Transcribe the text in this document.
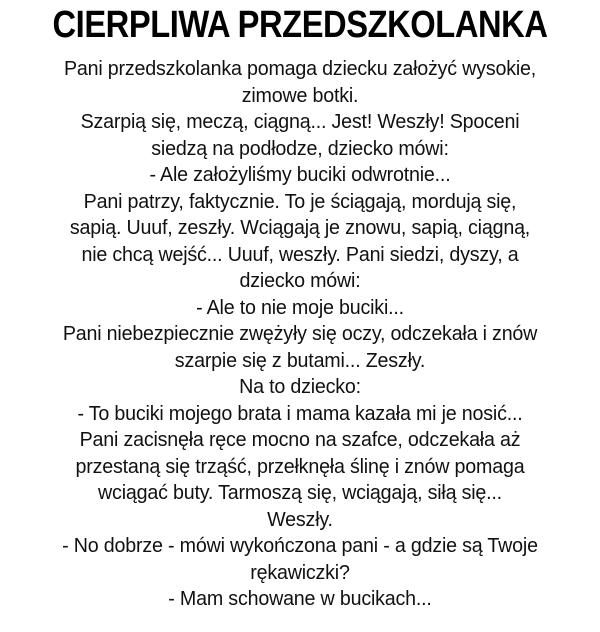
CIERPLIWA PRZEDSZKOLANKA
Pani przedszkolanka pomaga dziecku założyć wysokie,
zimowe botki.
Szarpią się, meczą, ciągną... Jest! Weszły! Spoceni
siedzą na podłodze, dziecko mówi:
- Ale założyliśmy buciki odwrotnie...
Pani patrzy, faktycznie. To je ściągają, mordują się,
sapią. Uuuf, zeszły. Wciągają je znowu, sapią, ciągną,
nie chcą wejść... Uuuf, weszły. Pani siedzi, dyszy, a
dziecko mówi:
- Ale to nie moje buciki...
Pani niebezpiecznie zwężyły się oczy, odczekała i znów
szarpie się z butami... Zeszły.
Na to dziecko:
- To buciki mojego brata i mama kazała mi je nosić...
Pani zacisnęła ręce mocno na szafce, odczekała aż
przestaną się trząść, przełknęła ślinę i znów pomaga
wciągać buty. Tarmoszą się, wciągają, siłą się...
Weszły.
- No dobrze - mówi wykończona pani - a gdzie są Twoje
rękawiczki?
- Mam schowane w bucikach...
